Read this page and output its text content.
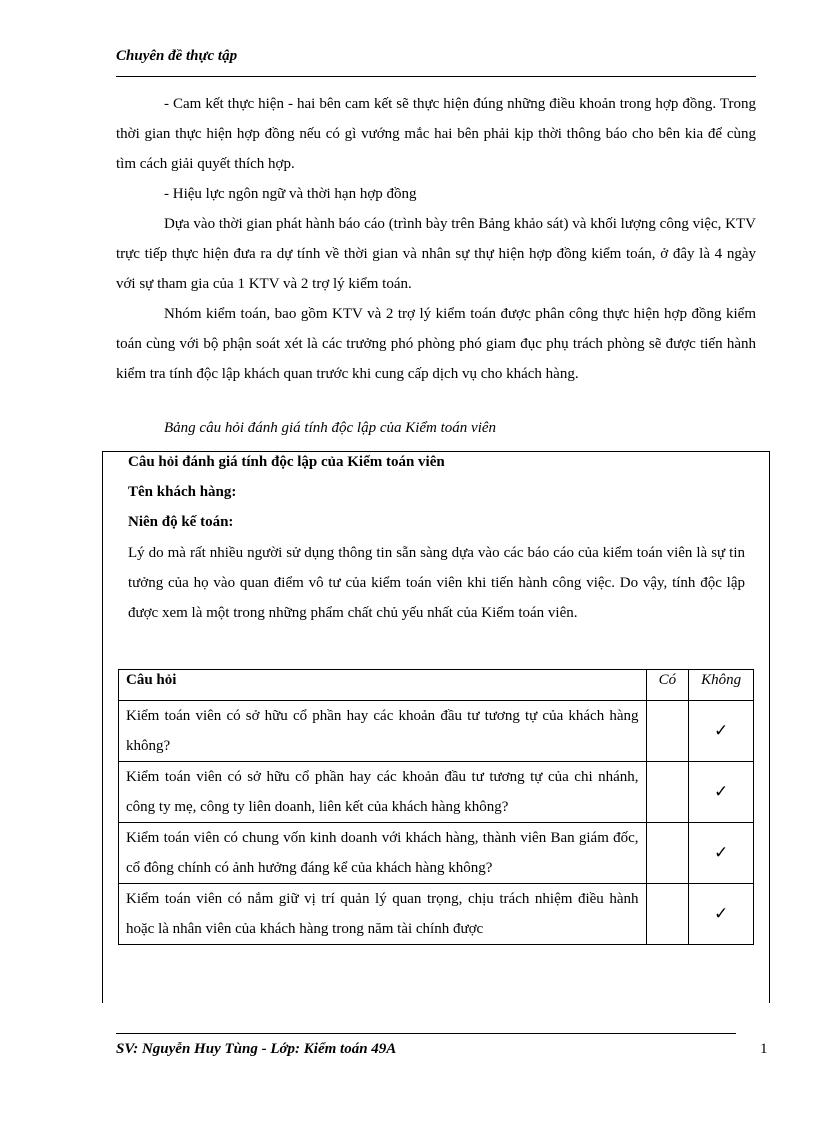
Chuyên đề thực tập

‪- Cam kết thực hiện - hai bên cam kết sẽ thực hiện đúng những điều khoản trong hợp đồng. Trong thời gian thực hiện hợp đồng nếu có gì vướng mắc hai bên phải kịp thời thông báo cho bên kia để cùng tìm cách giải quyết thích hợp.

‪- Hiệu lực ngôn ngữ và thời hạn hợp đồng

Dựa vào thời gian phát hành báo cáo (trình bày trên Bảng khảo sát) và khối lượng công việc, KTV trực tiếp thực hiện đưa ra dự tính về thời gian và nhân sự thự hiện hợp đồng kiểm toán, ở đây là 4 ngày với sự tham gia của 1 KTV và 2 trợ lý kiểm toán.

Nhóm kiểm toán, bao gồm KTV và 2 trợ lý kiểm toán được phân công thực hiện hợp đồng kiểm toán cùng với bộ phận soát xét là các trưởng phó phòng phó giam đục phụ trách phòng sẽ được tiến hành kiểm tra tính độc lập khách quan trước khi cung cấp dịch vụ cho khách hàng.

Bảng câu hỏi đánh giá tính độc lập của Kiểm toán viên
Câu hỏi đánh giá tính độc lập của Kiểm toán viên
Tên khách hàng:
Niên độ kế toán:

Lý do mà rất nhiều người sử dụng thông tin sẵn sàng dựa vào các báo cáo của kiểm toán viên là sự tin tưởng của họ vào quan điểm vô tư của kiểm toán viên khi tiến hành công việc. Do vậy, tính độc lập được xem là một trong những phẩm chất chủ yếu nhất của Kiểm toán viên.

Câu hỏi	Có	Không
Kiểm toán viên có sở hữu cổ phần hay các khoản đầu tư tương tự của khách hàng không?		✓
Kiểm toán viên có sở hữu cổ phần hay các khoản đầu tư tương tự của chi nhánh, công ty mẹ, công ty liên doanh, liên kết của khách hàng không?		✓
Kiểm toán viên có chung vốn kinh doanh với khách hàng, thành viên Ban giám đốc, cổ đông chính có ảnh hưởng đáng kể của khách hàng không?		✓
Kiểm toán viên có nắm giữ vị trí quản lý quan trọng, chịu trách nhiệm điều hành hoặc là nhân viên của khách hàng trong năm tài chính được		✓
SV: Nguyễn Huy Tùng - Lớp: Kiểm toán 49A	1
